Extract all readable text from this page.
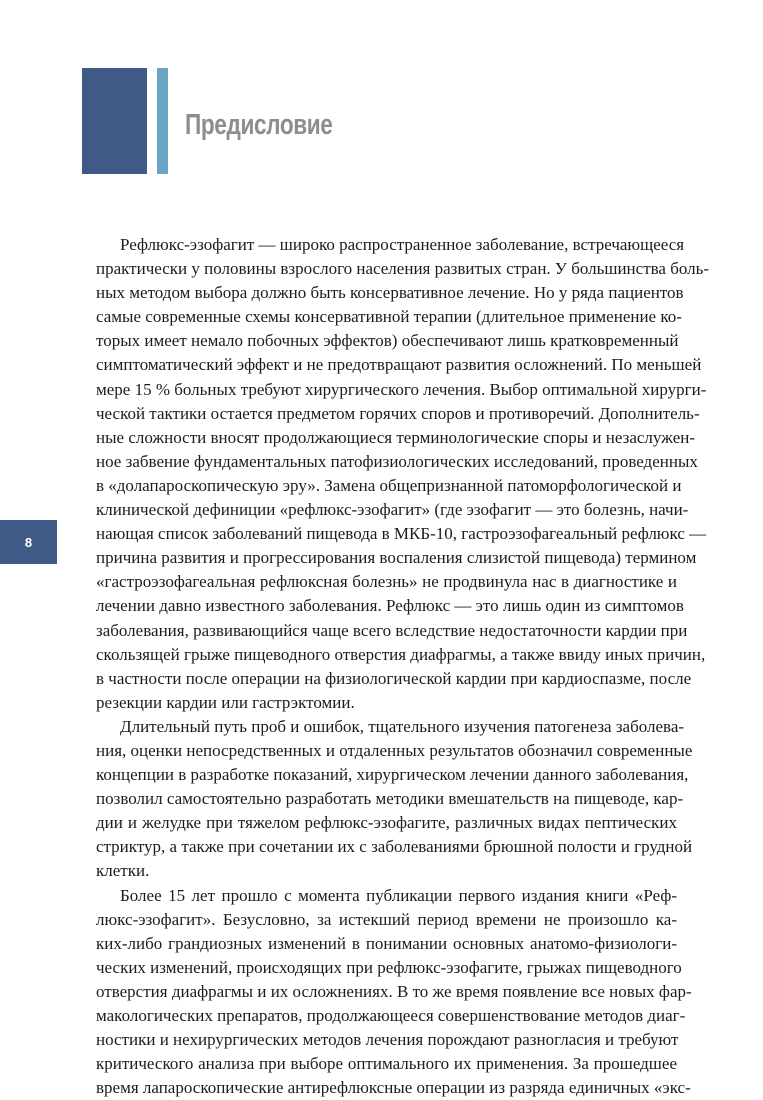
Предисловие
8

Рефлюкс-эзофагит — широко распространенное заболевание, встречающееся
практически у половины взрослого населения развитых стран. У большинства боль-
ных методом выбора должно быть консервативное лечение. Но у ряда пациентов
самые современные схемы консервативной терапии (длительное применение ко-
торых имеет немало побочных эффектов) обеспечивают лишь кратковременный
симптоматический эффект и не предотвращают развития осложнений. По меньшей
мере 15 % больных требуют хирургического лечения. Выбор оптимальной хирурги-
ческой тактики остается предметом горячих споров и противоречий. Дополнитель-
ные сложности вносят продолжающиеся терминологические споры и незаслужен-
ное забвение фундаментальных патофизиологических исследований, проведенных
в «долапароскопическую эру». Замена общепризнанной патоморфологической и
клинической дефиниции «рефлюкс-эзофагит» (где эзофагит — это болезнь, начи-
нающая список заболеваний пищевода в МКБ-10, гастроэзофагеальный рефлюкс —
причина развития и прогрессирования воспаления слизистой пищевода) термином
«гастроэзофагеальная рефлюксная болезнь» не продвинула нас в диагностике и
лечении давно известного заболевания. Рефлюкс — это лишь один из симптомов
заболевания, развивающийся чаще всего вследствие недостаточности кардии при
скользящей грыже пищеводного отверстия диафрагмы, а также ввиду иных причин,
в частности после операции на физиологической кардии при кардиоспазме, после
резекции кардии или гастрэктомии.

Длительный путь проб и ошибок, тщательного изучения патогенеза заболева-
ния, оценки непосредственных и отдаленных результатов обозначил современные
концепции в разработке показаний, хирургическом лечении данного заболевания,
позволил самостоятельно разработать методики вмешательств на пищеводе, кар-
дии и желудке при тяжелом рефлюкс-эзофагите, различных видах пептических
стриктур, а также при сочетании их с заболеваниями брюшной полости и грудной
клетки.

Более 15 лет прошло с момента публикации первого издания книги «Реф-
люкс-эзофагит». Безусловно, за истекший период времени не произошло ка-
ких-либо грандиозных изменений в понимании основных анатомо-физиологи-
ческих изменений, происходящих при рефлюкс-эзофагите, грыжах пищеводного
отверстия диафрагмы и их осложнениях. В то же время появление все новых фар-
макологических препаратов, продолжающееся совершенствование методов диаг-
ностики и нехирургических методов лечения порождают разногласия и требуют
критического анализа при выборе оптимального их применения. За прошедшее
время лапароскопические антирефлюксные операции из разряда единичных «экс-
